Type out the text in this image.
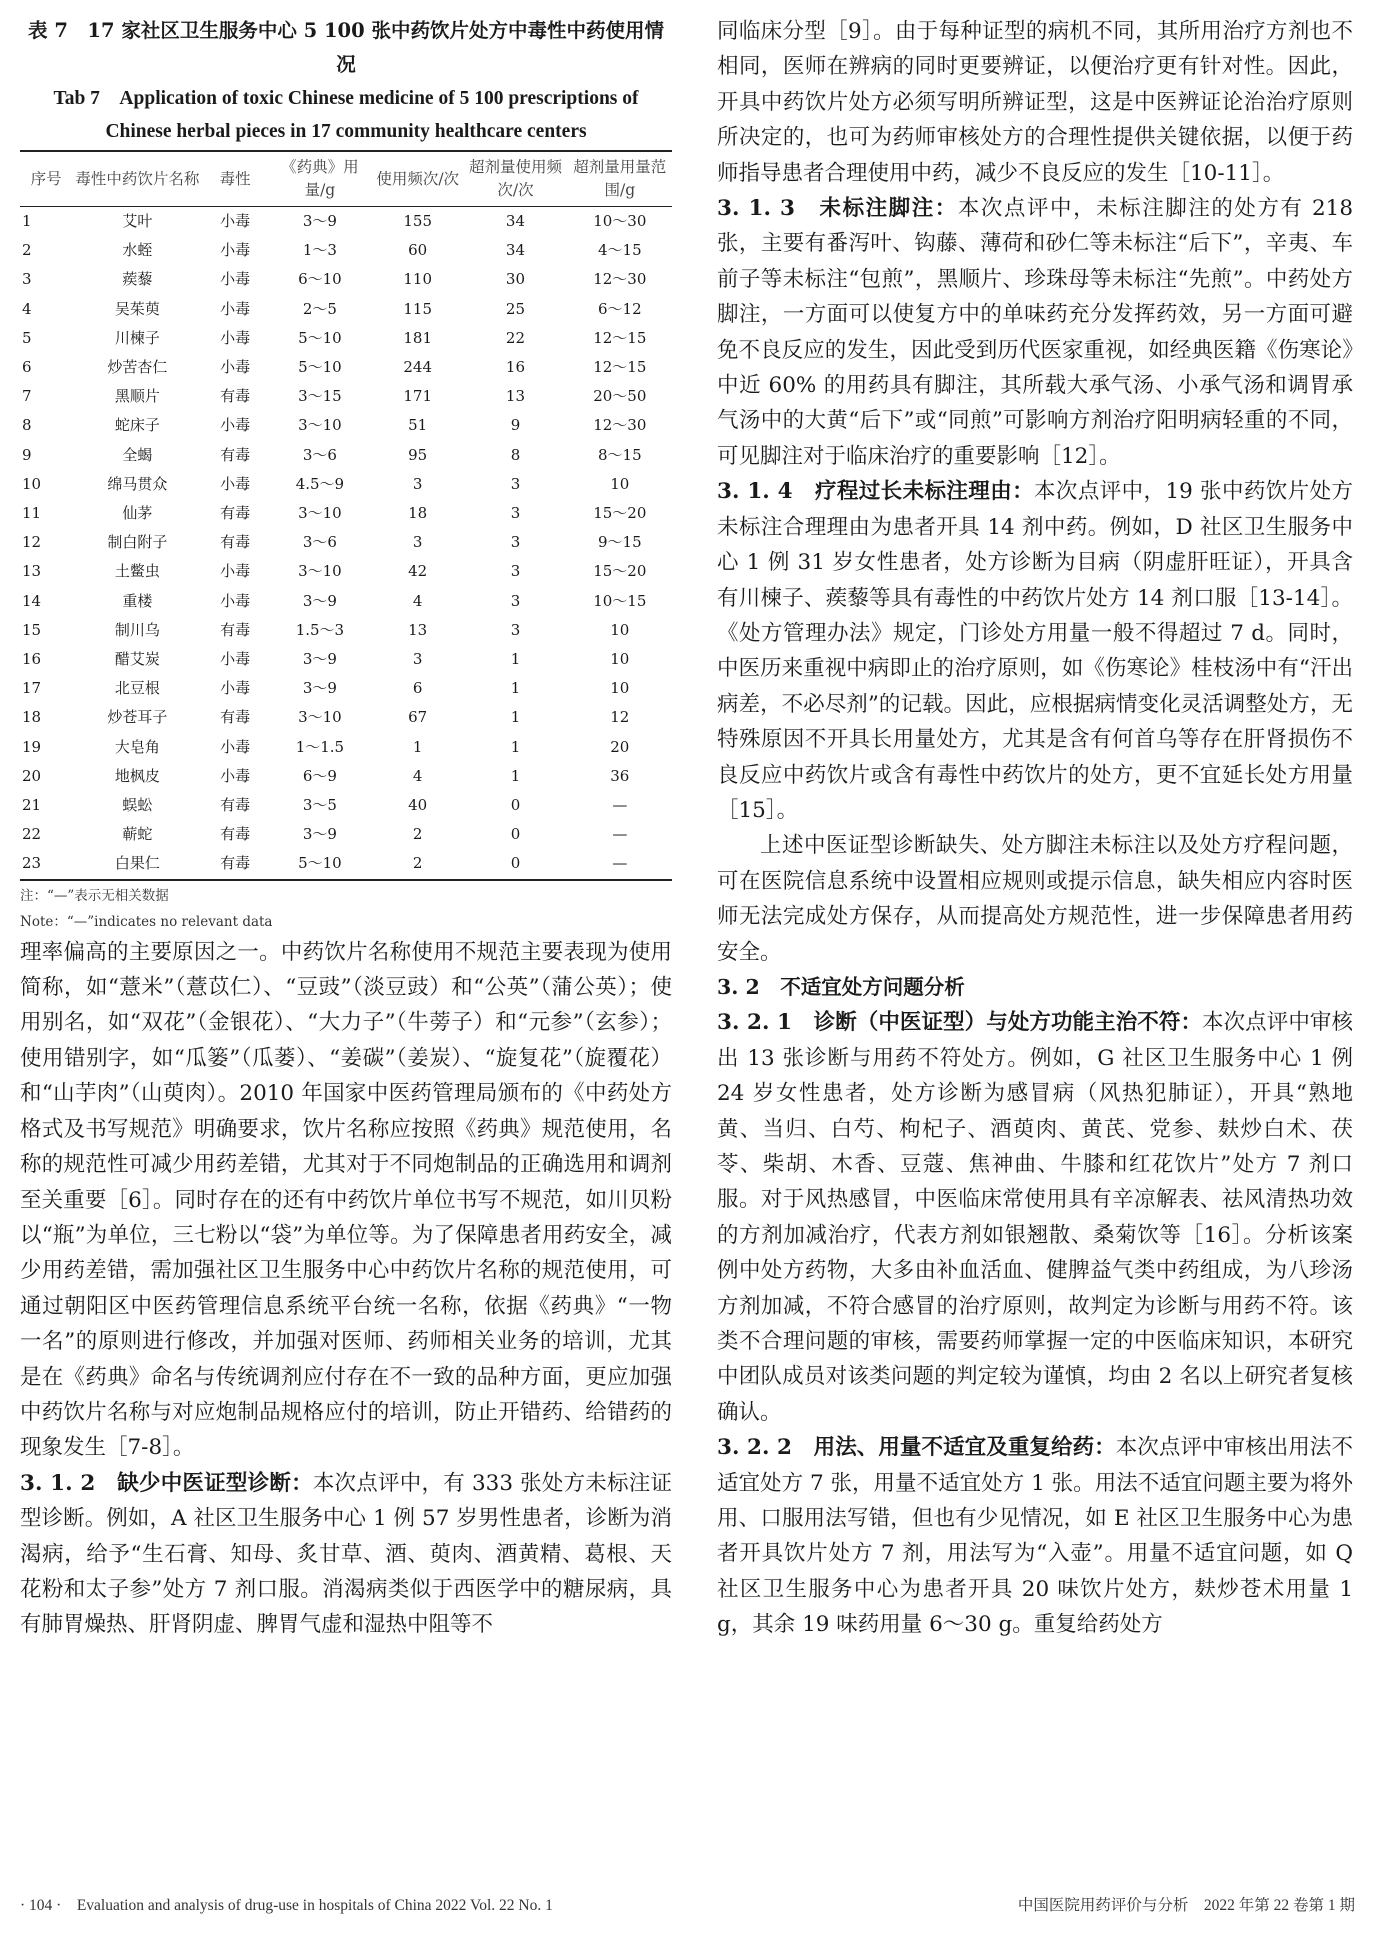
表 7　17 家社区卫生服务中心 5 100 张中药饮片处方中毒性中药使用情况
Tab 7　Application of toxic Chinese medicine of 5 100 prescriptions of Chinese herbal pieces in 17 community healthcare centers
序号	毒性中药饮片名称	毒性	《药典》用量/g	使用频次/次	超剂量使用频次/次	超剂量用量范围/g
1	艾叶	小毒	3～9	155	34	10～30
2	水蛭	小毒	1～3	60	34	4～15
3	蒺藜	小毒	6～10	110	30	12～30
4	吴茱萸	小毒	2～5	115	25	6～12
5	川楝子	小毒	5～10	181	22	12～15
6	炒苦杏仁	小毒	5～10	244	16	12～15
7	黑顺片	有毒	3～15	171	13	20～50
8	蛇床子	小毒	3～10	51	9	12～30
9	全蝎	有毒	3～6	95	8	8～15
10	绵马贯众	小毒	4.5～9	3	3	10
11	仙茅	有毒	3～10	18	3	15～20
12	制白附子	有毒	3～6	3	3	9～15
13	土鳖虫	小毒	3～10	42	3	15～20
14	重楼	小毒	3～9	4	3	10～15
15	制川乌	有毒	1.5～3	13	3	10
16	醋艾炭	小毒	3～9	3	1	10
17	北豆根	小毒	3～9	6	1	10
18	炒苍耳子	有毒	3～10	67	1	12
19	大皂角	小毒	1～1.5	1	1	20
20	地枫皮	小毒	6～9	4	1	36
21	蜈蚣	有毒	3～5	40	0	—
22	蕲蛇	有毒	3～9	2	0	—
23	白果仁	有毒	5～10	2	0	—
注：“—”表示无相关数据
Note：“—”indicates no relevant data

理率偏高的主要原因之一。中药饮片名称使用不规范主要表现为使用简称，如“薏米”（薏苡仁）、“豆豉”（淡豆豉）和“公英”（蒲公英）；使用别名，如“双花”（金银花）、“大力子”（牛蒡子）和“元参”（玄参）；使用错别字，如“瓜篓”（瓜蒌）、“姜碳”（姜炭）、“旋复花”（旋覆花）和“山芋肉”（山萸肉）。2010 年国家中医药管理局颁布的《中药处方格式及书写规范》明确要求，饮片名称应按照《药典》规范使用，名称的规范性可减少用药差错，尤其对于不同炮制品的正确选用和调剂至关重要［6］。同时存在的还有中药饮片单位书写不规范，如川贝粉以“瓶”为单位，三七粉以“袋”为单位等。为了保障患者用药安全，减少用药差错，需加强社区卫生服务中心中药饮片名称的规范使用，可通过朝阳区中医药管理信息系统平台统一名称，依据《药典》“一物一名”的原则进行修改，并加强对医师、药师相关业务的培训，尤其是在《药典》命名与传统调剂应付存在不一致的品种方面，更应加强中药饮片名称与对应炮制品规格应付的培训，防止开错药、给错药的现象发生［7-8］。

3. 1. 2　缺少中医证型诊断：本次点评中，有 333 张处方未标注证型诊断。例如，A 社区卫生服务中心 1 例 57 岁男性患者，诊断为消渴病，给予“生石膏、知母、炙甘草、酒、萸肉、酒黄精、葛根、天花粉和太子参”处方 7 剂口服。消渴病类似于西医学中的糖尿病，具有肺胃燥热、肝肾阴虚、脾胃气虚和湿热中阻等不

同临床分型［9］。由于每种证型的病机不同，其所用治疗方剂也不相同，医师在辨病的同时更要辨证，以便治疗更有针对性。因此，开具中药饮片处方必须写明所辨证型，这是中医辨证论治治疗原则所决定的，也可为药师审核处方的合理性提供关键依据，以便于药师指导患者合理使用中药，减少不良反应的发生［10-11］。

3. 1. 3　未标注脚注：本次点评中，未标注脚注的处方有 218 张，主要有番泻叶、钩藤、薄荷和砂仁等未标注“后下”，辛夷、车前子等未标注“包煎”，黑顺片、珍珠母等未标注“先煎”。中药处方脚注，一方面可以使复方中的单味药充分发挥药效，另一方面可避免不良反应的发生，因此受到历代医家重视，如经典医籍《伤寒论》中近 60% 的用药具有脚注，其所载大承气汤、小承气汤和调胃承气汤中的大黄“后下”或“同煎”可影响方剂治疗阳明病轻重的不同，可见脚注对于临床治疗的重要影响［12］。

3. 1. 4　疗程过长未标注理由：本次点评中，19 张中药饮片处方未标注合理理由为患者开具 14 剂中药。例如，D 社区卫生服务中心 1 例 31 岁女性患者，处方诊断为目病（阴虚肝旺证），开具含有川楝子、蒺藜等具有毒性的中药饮片处方 14 剂口服［13-14］。《处方管理办法》规定，门诊处方用量一般不得超过 7 d。同时，中医历来重视中病即止的治疗原则，如《伤寒论》桂枝汤中有“汗出病差，不必尽剂”的记载。因此，应根据病情变化灵活调整处方，无特殊原因不开具长用量处方，尤其是含有何首乌等存在肝肾损伤不良反应中药饮片或含有毒性中药饮片的处方，更不宜延长处方用量［15］。

上述中医证型诊断缺失、处方脚注未标注以及处方疗程问题，可在医院信息系统中设置相应规则或提示信息，缺失相应内容时医师无法完成处方保存，从而提高处方规范性，进一步保障患者用药安全。

3. 2　不适宜处方问题分析

3. 2. 1　诊断（中医证型）与处方功能主治不符：本次点评中审核出 13 张诊断与用药不符处方。例如，G 社区卫生服务中心 1 例 24 岁女性患者，处方诊断为感冒病（风热犯肺证），开具“熟地黄、当归、白芍、枸杞子、酒萸肉、黄芪、党参、麸炒白术、茯苓、柴胡、木香、豆蔻、焦神曲、牛膝和红花饮片”处方 7 剂口服。对于风热感冒，中医临床常使用具有辛凉解表、祛风清热功效的方剂加减治疗，代表方剂如银翘散、桑菊饮等［16］。分析该案例中处方药物，大多由补血活血、健脾益气类中药组成，为八珍汤方剂加减，不符合感冒的治疗原则，故判定为诊断与用药不符。该类不合理问题的审核，需要药师掌握一定的中医临床知识，本研究中团队成员对该类问题的判定较为谨慎，均由 2 名以上研究者复核确认。

3. 2. 2　用法、用量不适宜及重复给药：本次点评中审核出用法不适宜处方 7 张，用量不适宜处方 1 张。用法不适宜问题主要为将外用、口服用法写错，但也有少见情况，如 E 社区卫生服务中心为患者开具饮片处方 7 剂，用法写为“入壶”。用量不适宜问题，如 Q 社区卫生服务中心为患者开具 20 味饮片处方，麸炒苍术用量 1 g，其余 19 味药用量 6～30 g。重复给药处方

· 104 ·　Evaluation and analysis of drug-use in hospitals of China 2022 Vol. 22 No. 1	中国医院用药评价与分析　2022 年第 22 卷第 1 期
